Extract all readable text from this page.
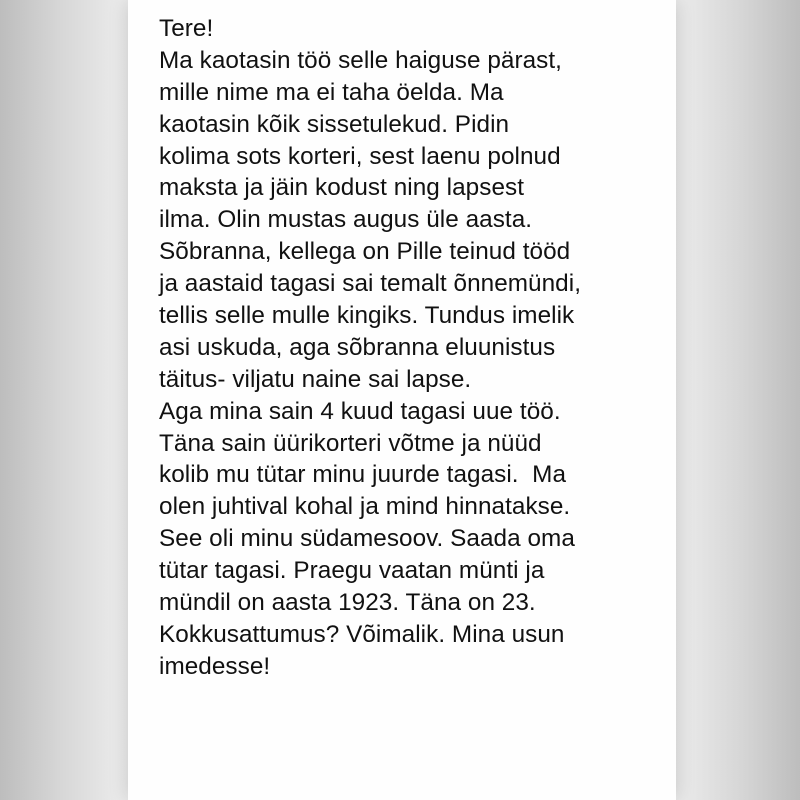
Tere!
Ma kaotasin töö selle haiguse pärast,
mille nime ma ei taha öelda. Ma
kaotasin kõik sissetulekud. Pidin
kolima sots korteri, sest laenu polnud
maksta ja jäin kodust ning lapsest
ilma. Olin mustas augus üle aasta.
Sõbranna, kellega on Pille teinud tööd
ja aastaid tagasi sai temalt õnnemündi,
tellis selle mulle kingiks. Tundus imelik
asi uskuda, aga sõbranna eluunistus
täitus- viljatu naine sai lapse.
Aga mina sain 4 kuud tagasi uue töö.
Täna sain üürikorteri võtme ja nüüd
kolib mu tütar minu juurde tagasi.  Ma
olen juhtival kohal ja mind hinnatakse.
See oli minu südamesoov. Saada oma
tütar tagasi. Praegu vaatan münti ja
mündil on aasta 1923. Täna on 23.
Kokkusattumus? Võimalik. Mina usun
imedesse!
